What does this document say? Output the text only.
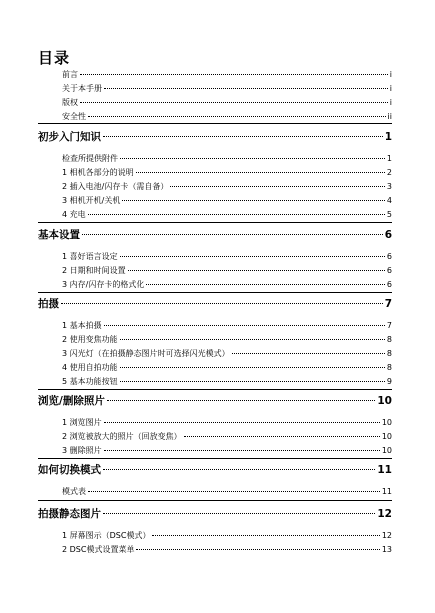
目录
前言	i
关于本手册	i
版权	i
安全性	ii
初步入门知识	1
检查所提供附件	1
1 相机各部分的说明	2
2 插入电池/闪存卡（需自备）	3
3 相机开机/关机	4
4 充电	5
基本设置	6
1 喜好语言设定	6
2 日期和时间设置	6
3 内存/闪存卡的格式化	6
拍摄	7
1 基本拍摄	7
2 使用变焦功能	8
3 闪光灯（在拍摄静态图片时可选择闪光模式）	8
4 使用自拍功能	8
5 基本功能按钮	9
浏览/删除照片	10
1 浏览图片	10
2 浏览被放大的照片（回放变焦）	10
3 删除照片	10
如何切换模式	11
模式表	11
拍摄静态图片	12
1 屏幕图示（DSC模式）	12
2 DSC模式设置菜单	13
